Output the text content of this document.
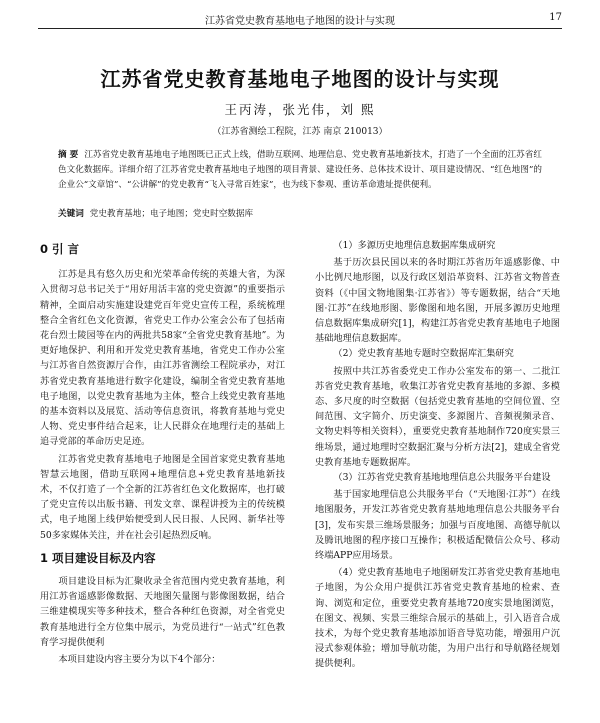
江苏省党史教育基地电子地图的设计与实现	17
江苏省党史教育基地电子地图的设计与实现
王丙涛，张光伟，刘 熙
（江苏省测绘工程院，江苏 南京 210013）
摘 要 江苏省党史教育基地电子地图既已正式上线，借助互联网、地理信息、党史教育基地新技术，打造了一个全面的江苏省红色文化数据库。详细介绍了江苏省党史教育基地电子地图的项目背景、建设任务、总体技术设计、项目建设情况、“红色地图”的企业公“文章馆”、“公讲解”的党史教育“飞入寻常百姓家”，也为线下参观、重访革命遗址提供便利。
关键词 党史教育基地；电子地图；党史时空数据库
0 引 言

江苏是具有悠久历史和光荣革命传统的英雄大省，为深入贯彻习总书记关于“用好用活丰富的党史资源”的重要指示精神，全面启动实施建设建党百年党史宣传工程，系统梳理整合全省红色文化资源，省党史工作办公室会公布了包括南花台烈士陵园等在内的两批共58家“全省党史教育基地”。为更好地保护、利用和开发党史教育基地，省党史工作办公室与江苏省自然资源厅合作，由江苏省测绘工程院承办，对江苏省党史教育基地进行数字化建设，编制全省党史教育基地电子地图，以党史教育基地为主体，整合上线党史教育基地的基本资料以及展览、活动等信息资讯，将教育基地与党史人物、党史事件结合起来，让人民群众在地理行走的基础上追寻党部的革命历史足迹。

江苏省党史教育基地电子地图是全国首家党史教育基地智慧云地图，借助互联网+地理信息+党史教育基地新技术，不仅打造了一个全新的江苏省红色文化数据库，也打破了党史宣传以出版书籍、刊发文章、课程讲授为主的传统模式，电子地图上线伊始便受到人民日报、人民网、新华社等50多家媒体关注，并在社会引起热烈反响。

1 项目建设目标及内容

项目建设目标为汇聚收录全省范围内党史教育基地，利用江苏省遥感影像数据、天地图矢量图与影像图数据，结合三维建模现实等多种技术，整合各种红色资源，对全省党史教育基地进行全方位集中展示，为党员进行“一站式”红色教育学习提供便利

本项目建设内容主要分为以下4个部分：

（1）多源历史地理信息数据库集成研究

基于历次县民国以来的各时期江苏省历年遥感影像、中小比例尺地形图，以及行政区划沿革资料、江苏省文物普查资料（《中国文物地图集·江苏省》）等专题数据，结合“天地图·江苏”在线地形图、影像图和地名图，开展多源历史地理信息数据库集成研究[1]，构建江苏省党史教育基地电子地图基础地理信息数据库。

（2）党史教育基地专题时空数据库汇集研究

按照中共江苏省委党史工作办公室发布的第一、二批江苏省党史教育基地，收集江苏省党史教育基地的多源、多模态、多尺度的时空数据（包括党史教育基地的空间位置、空间范围、文字简介、历史演变、多源图片、音频视频录音、文物史料等相关资料），重要党史教育基地制作720度实景三维场景，通过地理时空数据汇聚与分析方法[2]，建成全省党史教育基地专题数据库。

（3）江苏省党史教育基地地理信息公共服务平台建设

基于国家地理信息公共服务平台（“天地图·江苏”）在线地图服务，开发江苏省党史教育基地地理信息公共服务平台[3]，发布实景三维场景服务；加强与百度地图、高德导航以及腾讯地图的程序接口互操作；积极适配微信公众号、移动终端APP应用场景。

（4）党史教育基地电子地图研发江苏省党史教育基地电子地图，为公众用户提供江苏省党史教育基地的检索、查询、浏览和定位，重要党史教育基地720度实景地图浏览，在图文、视频、实景三维综合展示的基础上，引入语音合成技术，为每个党史教育基地添加语音导览功能，增强用户沉浸式参观体验；增加导航功能，为用户出行和导航路径规划提供便利。
